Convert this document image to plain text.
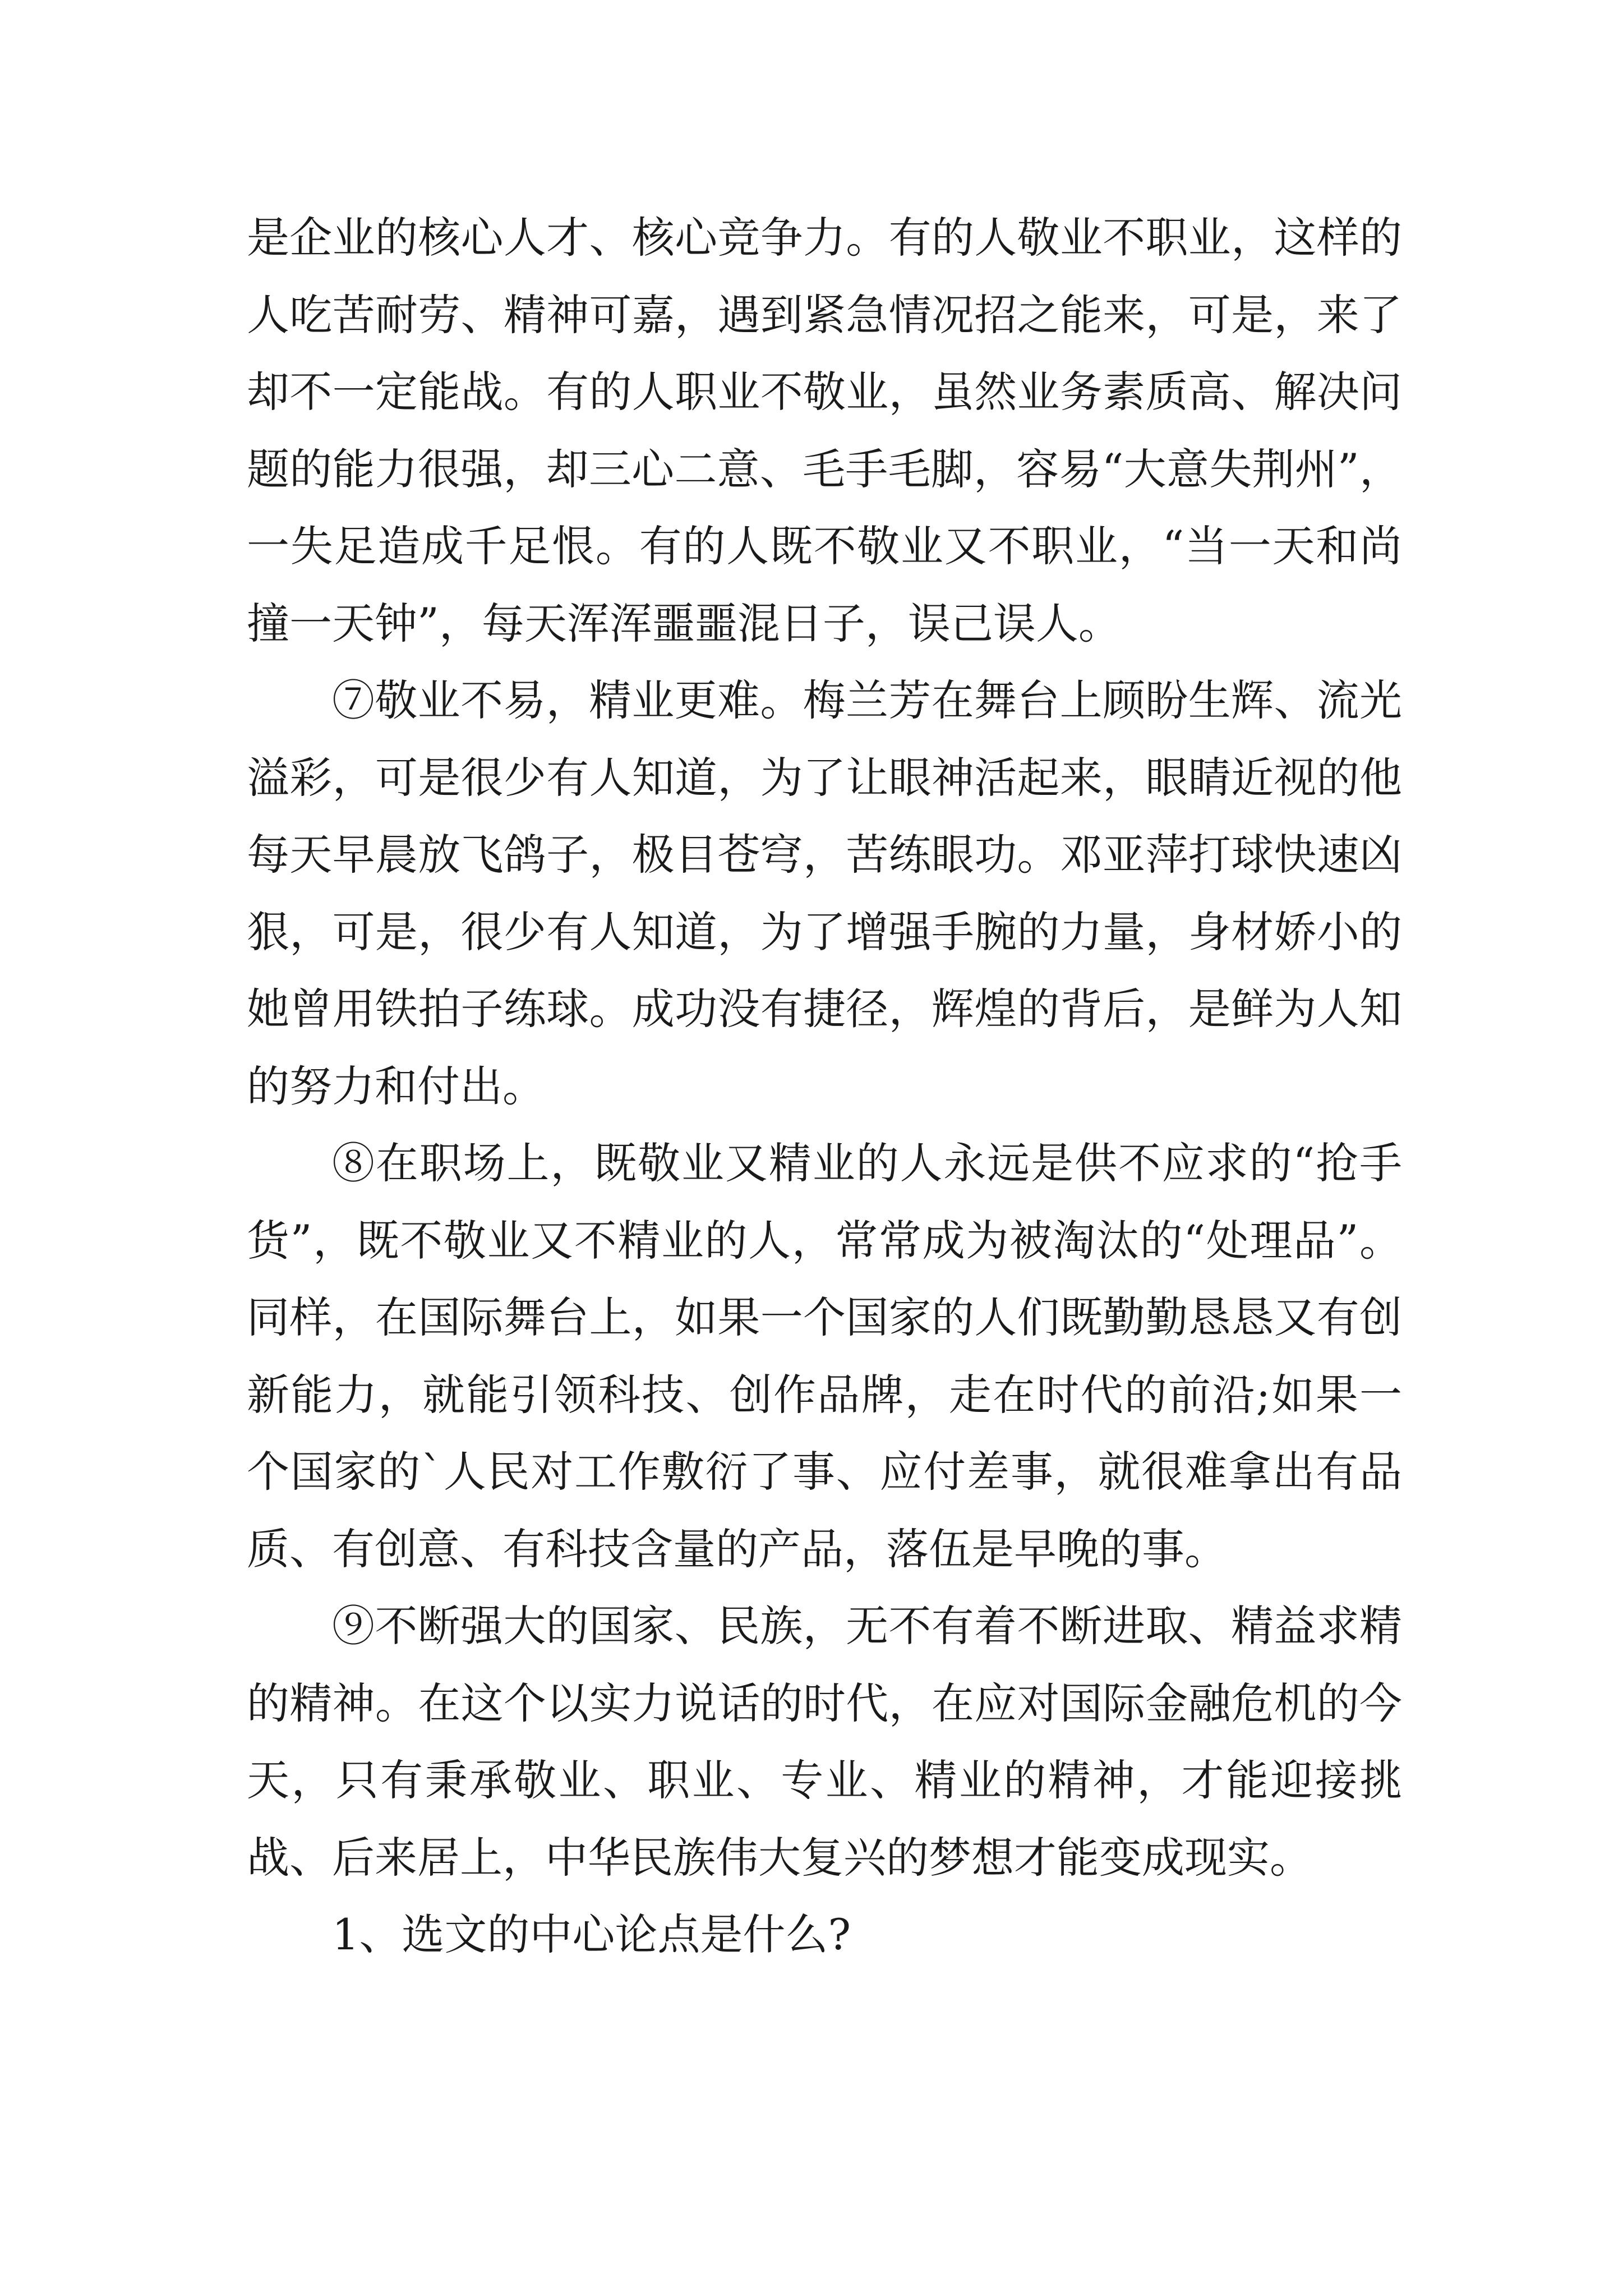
是企业的核心人才、核心竞争力。有的人敬业不职业，这样的人吃苦耐劳、精神可嘉，遇到紧急情况招之能来，可是，来了却不一定能战。有的人职业不敬业，虽然业务素质高、解决问题的能力很强，却三心二意、毛手毛脚，容易“大意失荆州”，一失足造成千足恨。有的人既不敬业又不职业，“当一天和尚撞一天钟”，每天浑浑噩噩混日子，误己误人。

⑦敬业不易，精业更难。梅兰芳在舞台上顾盼生辉、流光溢彩，可是很少有人知道，为了让眼神活起来，眼睛近视的他每天早晨放飞鸽子，极目苍穹，苦练眼功。邓亚萍打球快速凶狠，可是，很少有人知道，为了增强手腕的力量，身材娇小的她曾用铁拍子练球。成功没有捷径，辉煌的背后，是鲜为人知的努力和付出。

⑧在职场上，既敬业又精业的人永远是供不应求的“抢手货”，既不敬业又不精业的人，常常成为被淘汰的“处理品”。同样，在国际舞台上，如果一个国家的人们既勤勤恳恳又有创新能力，就能引领科技、创作品牌，走在时代的前沿;如果一个国家的`人民对工作敷衍了事、应付差事，就很难拿出有品质、有创意、有科技含量的产品，落伍是早晚的事。

⑨不断强大的国家、民族，无不有着不断进取、精益求精的精神。在这个以实力说话的时代，在应对国际金融危机的今天，只有秉承敬业、职业、专业、精业的精神，才能迎接挑战、后来居上，中华民族伟大复兴的梦想才能变成现实。

1、选文的中心论点是什么?
